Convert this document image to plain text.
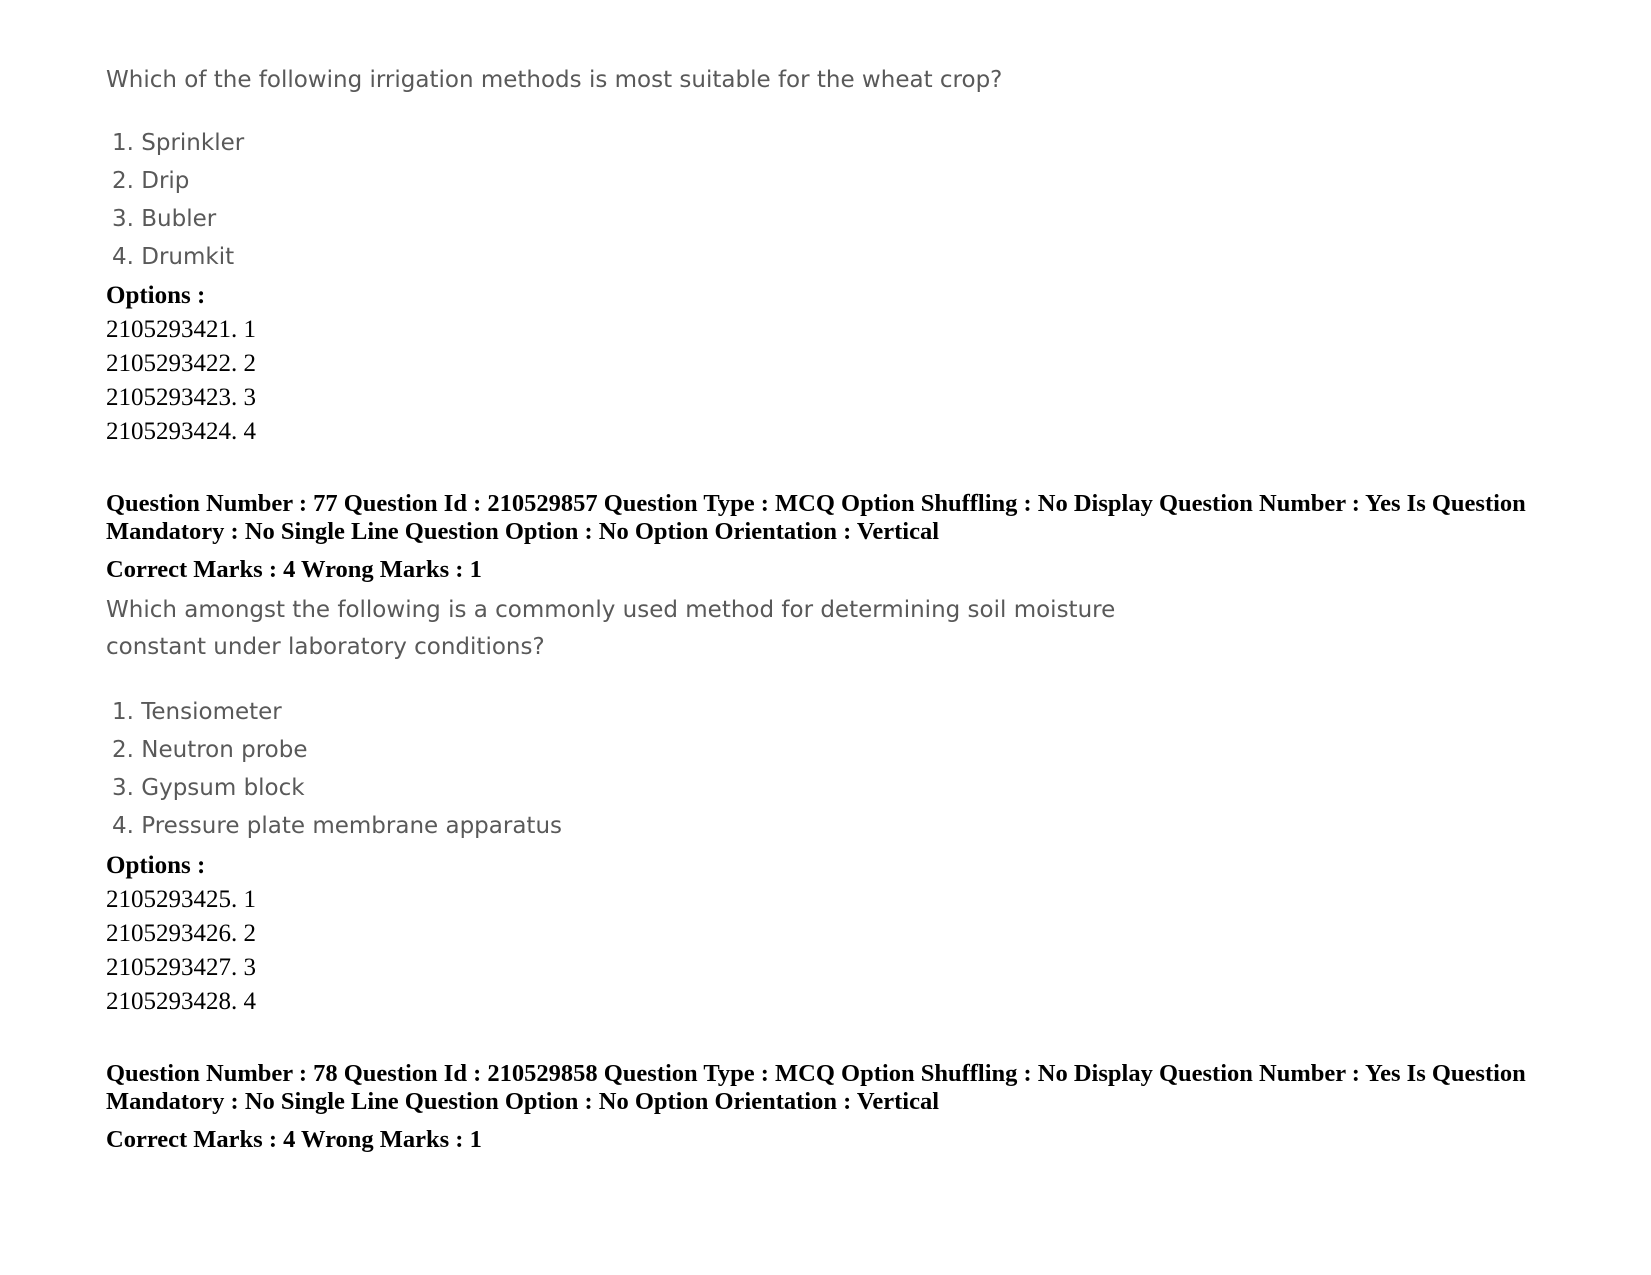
Which of the following irrigation methods is most suitable for the wheat crop?

1. Sprinkler
2. Drip
3. Bubler
4. Drumkit

Options :

2105293421. 1
2105293422. 2
2105293423. 3
2105293424. 4

Question Number : 77 Question Id : 210529857 Question Type : MCQ Option Shuffling : No Display Question Number : Yes Is Question Mandatory : No Single Line Question Option : No Option Orientation : Vertical

Correct Marks : 4 Wrong Marks : 1

Which amongst the following is a commonly used method for determining soil moisture

constant under laboratory conditions?

1. Tensiometer
2. Neutron probe
3. Gypsum block
4. Pressure plate membrane apparatus

Options :

2105293425. 1
2105293426. 2
2105293427. 3
2105293428. 4

Question Number : 78 Question Id : 210529858 Question Type : MCQ Option Shuffling : No Display Question Number : Yes Is Question Mandatory : No Single Line Question Option : No Option Orientation : Vertical

Correct Marks : 4 Wrong Marks : 1
